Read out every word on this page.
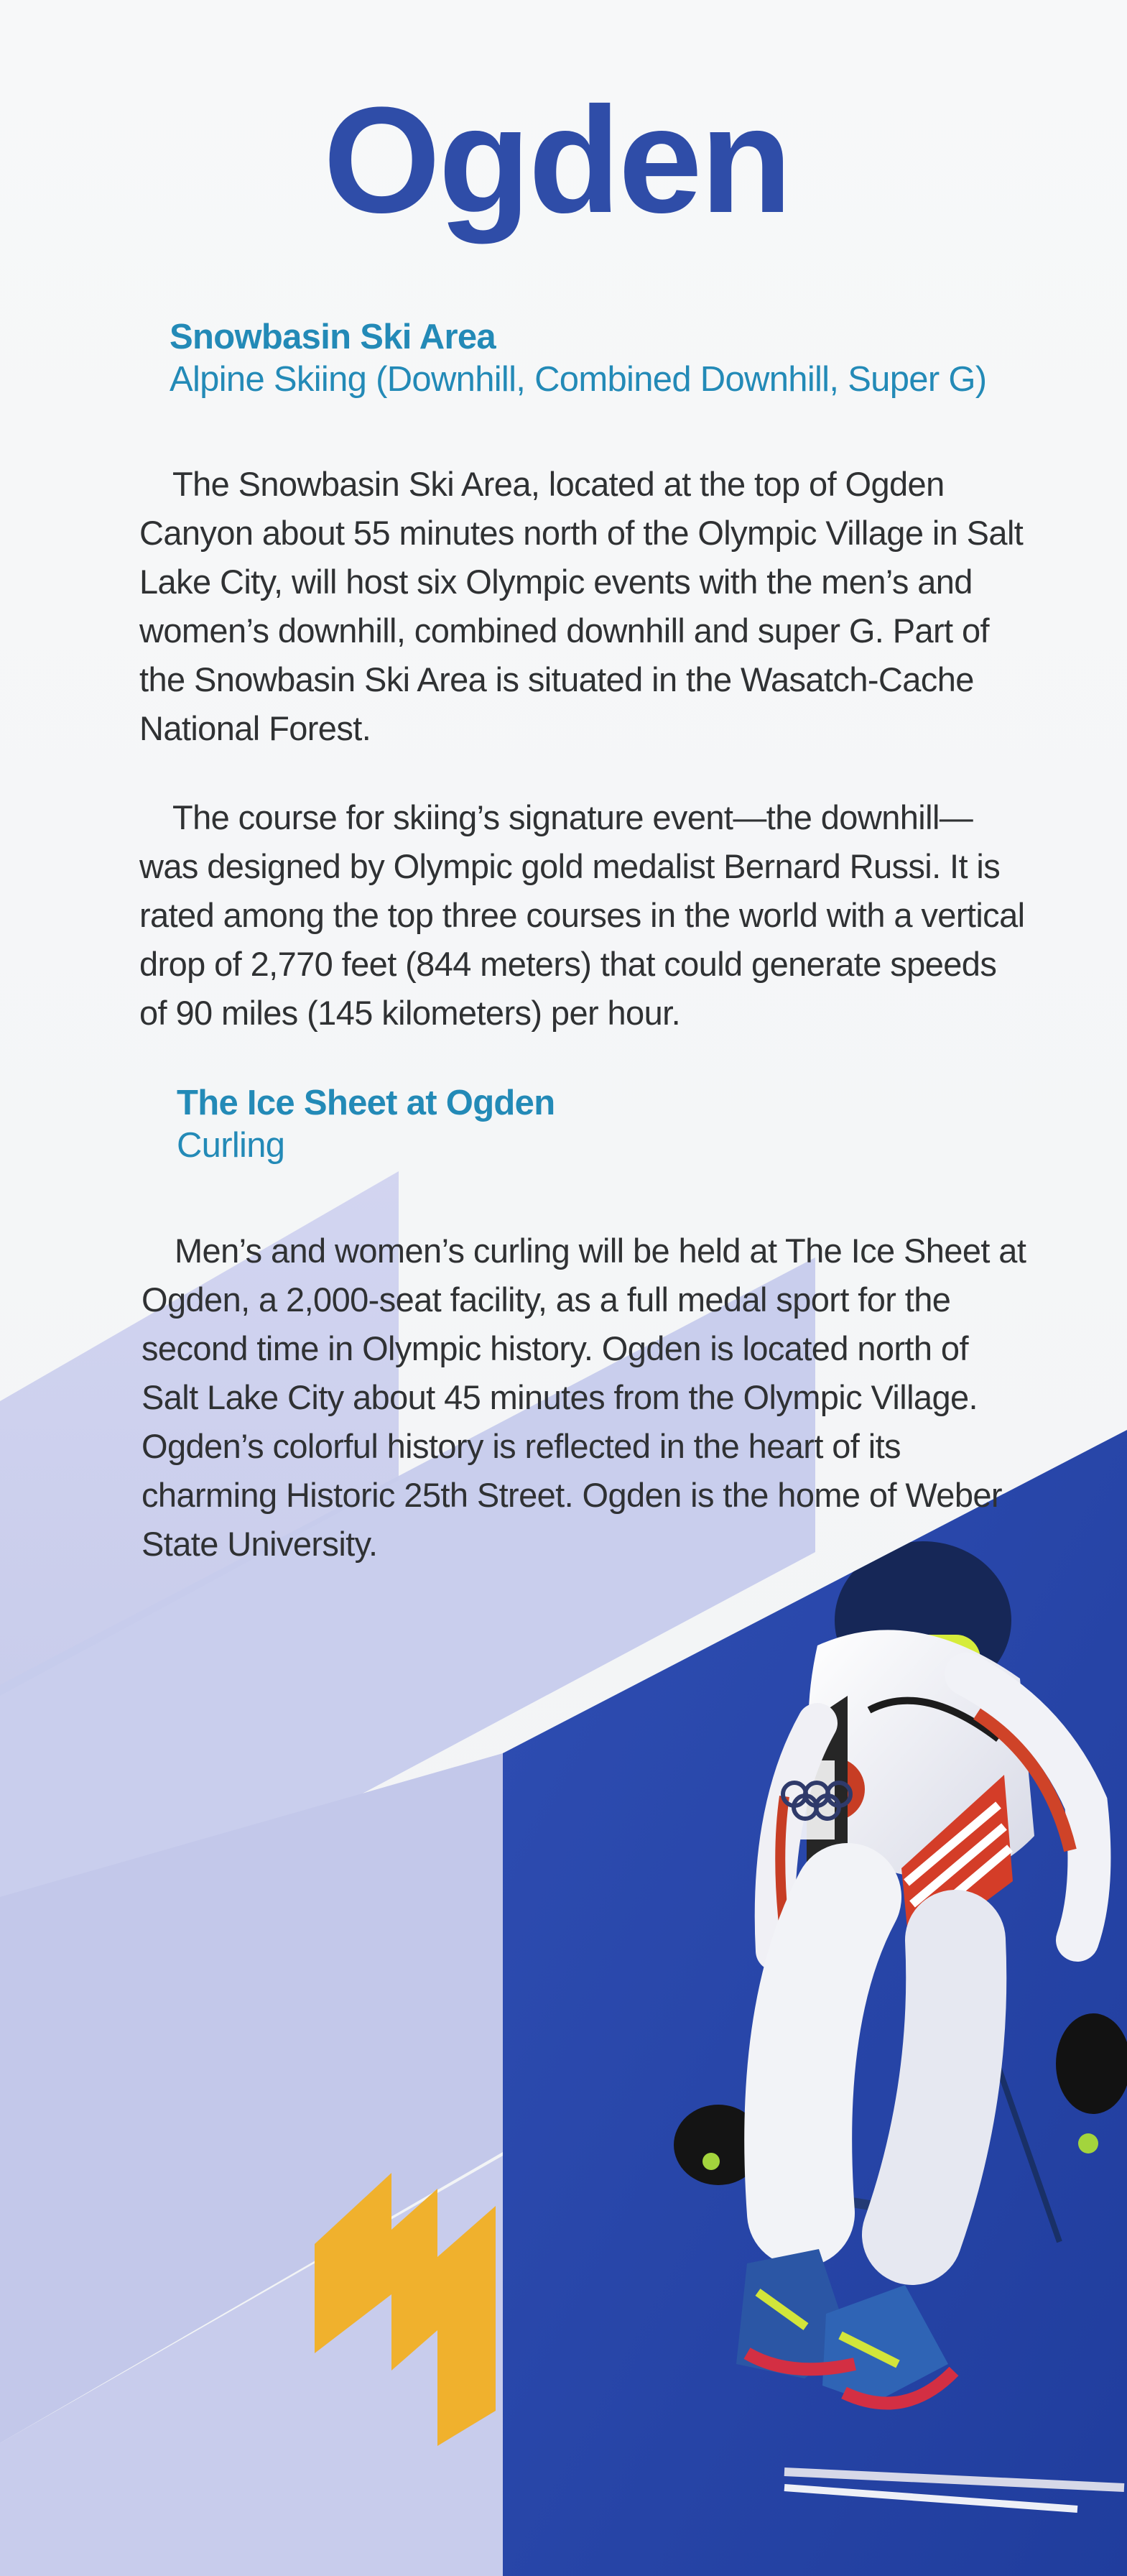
Ogden
Snowbasin Ski Area
Alpine Skiing (Downhill, Combined Downhill, Super G)

The Snowbasin Ski Area, located at the top of Ogden Canyon about 55 minutes north of the Olympic Village in Salt Lake City, will host six Olympic events with the men’s and women’s downhill, combined downhill and super G. Part of the Snowbasin Ski Area is situated in the Wasatch-Cache National Forest.

The course for skiing’s signature event—the downhill—was designed by Olympic gold medalist Bernard Russi. It is rated among the top three courses in the world with a vertical drop of 2,770 feet (844 meters) that could generate speeds of 90 miles (145 kilometers) per hour.

The Ice Sheet at Ogden
Curling

Men’s and women’s curling will be held at The Ice Sheet at Ogden, a 2,000-seat facility, as a full medal sport for the second time in Olympic history. Ogden is located north of Salt Lake City about 45 minutes from the Olympic Village. Ogden’s colorful history is reflected in the heart of its charming Historic 25th Street. Ogden is the home of Weber State University.
